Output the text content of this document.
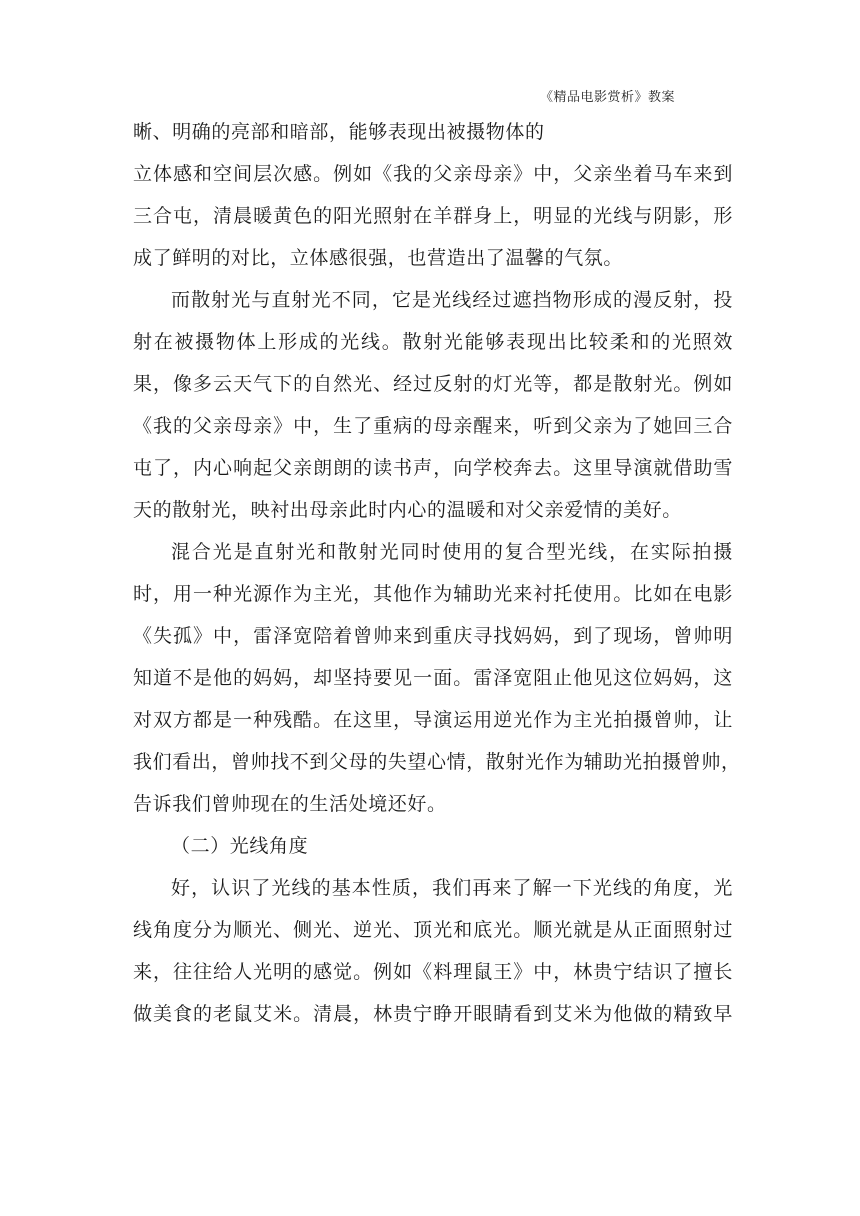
《精品电影赏析》教案
晰、明确的亮部和暗部，能够表现出被摄物体的
立体感和空间层次感。例如《我的父亲母亲》中，父亲坐着马车来到
三合屯，清晨暖黄色的阳光照射在羊群身上，明显的光线与阴影，形
成了鲜明的对比，立体感很强，也营造出了温馨的气氛。
而散射光与直射光不同，它是光线经过遮挡物形成的漫反射，投
射在被摄物体上形成的光线。散射光能够表现出比较柔和的光照效
果，像多云天气下的自然光、经过反射的灯光等，都是散射光。例如
《我的父亲母亲》中，生了重病的母亲醒来，听到父亲为了她回三合
屯了，内心响起父亲朗朗的读书声，向学校奔去。这里导演就借助雪
天的散射光，映衬出母亲此时内心的温暖和对父亲爱情的美好。
混合光是直射光和散射光同时使用的复合型光线，在实际拍摄
时，用一种光源作为主光，其他作为辅助光来衬托使用。比如在电影
《失孤》中，雷泽宽陪着曾帅来到重庆寻找妈妈，到了现场，曾帅明
知道不是他的妈妈，却坚持要见一面。雷泽宽阻止他见这位妈妈，这
对双方都是一种残酷。在这里，导演运用逆光作为主光拍摄曾帅，让
我们看出，曾帅找不到父母的失望心情，散射光作为辅助光拍摄曾帅，
告诉我们曾帅现在的生活处境还好。
（二）光线角度
好，认识了光线的基本性质，我们再来了解一下光线的角度，光
线角度分为顺光、侧光、逆光、顶光和底光。顺光就是从正面照射过
来，往往给人光明的感觉。例如《料理鼠王》中，林贵宁结识了擅长
做美食的老鼠艾米。清晨，林贵宁睁开眼睛看到艾米为他做的精致早
